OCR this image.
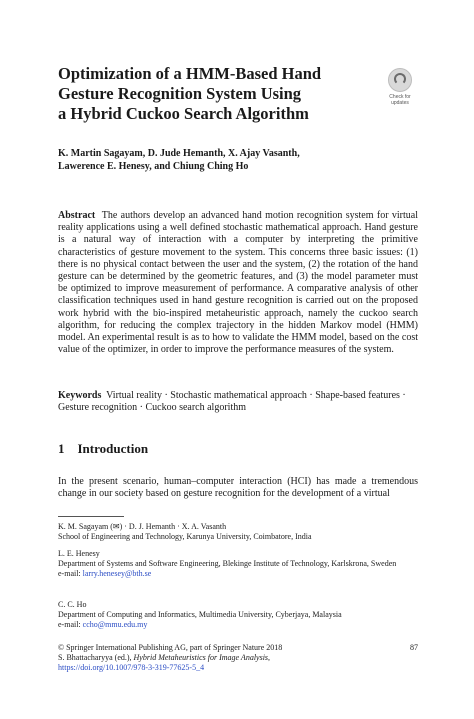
Optimization of a HMM-Based Hand
Gesture Recognition System Using
a Hybrid Cuckoo Search Algorithm
Check for
updates
K. Martin Sagayam, D. Jude Hemanth, X. Ajay Vasanth,
Lawerence E. Henesy, and Chiung Ching Ho

Abstract The authors develop an advanced hand motion recognition system for virtual reality applications using a well defined stochastic mathematical approach. Hand gesture is a natural way of interaction with a computer by interpreting the primitive characteristics of gesture movement to the system. This concerns three basic issues: (1) there is no physical contact between the user and the system, (2) the rotation of the hand gesture can be determined by the geometric features, and (3) the model parameter must be optimized to improve measurement of performance. A comparative analysis of other classification techniques used in hand gesture recognition is carried out on the proposed work hybrid with the bio-inspired metaheuristic approach, namely the cuckoo search algorithm, for reducing the complex trajectory in the hidden Markov model (HMM) model. An experimental result is as to how to validate the HMM model, based on the cost value of the optimizer, in order to improve the performance measures of the system.

Keywords Virtual reality · Stochastic mathematical approach · Shape-based features · Gesture recognition · Cuckoo search algorithm

1 Introduction

In the present scenario, human–computer interaction (HCI) has made a tremendous change in our society based on gesture recognition for the development of a virtual

K. M. Sagayam (✉) · D. J. Hemanth · X. A. Vasanth
School of Engineering and Technology, Karunya University, Coimbatore, India

L. E. Henesy
Department of Systems and Software Engineering, Blekinge Institute of Technology, Karlskrona, Sweden
e-mail: larry.henesey@bth.se

C. C. Ho
Department of Computing and Informatics, Multimedia University, Cyberjaya, Malaysia
e-mail: ccho@mmu.edu.my

© Springer International Publishing AG, part of Springer Nature 2018
S. Bhattacharyya (ed.), Hybrid Metaheuristics for Image Analysis,
https://doi.org/10.1007/978-3-319-77625-5_4
87
